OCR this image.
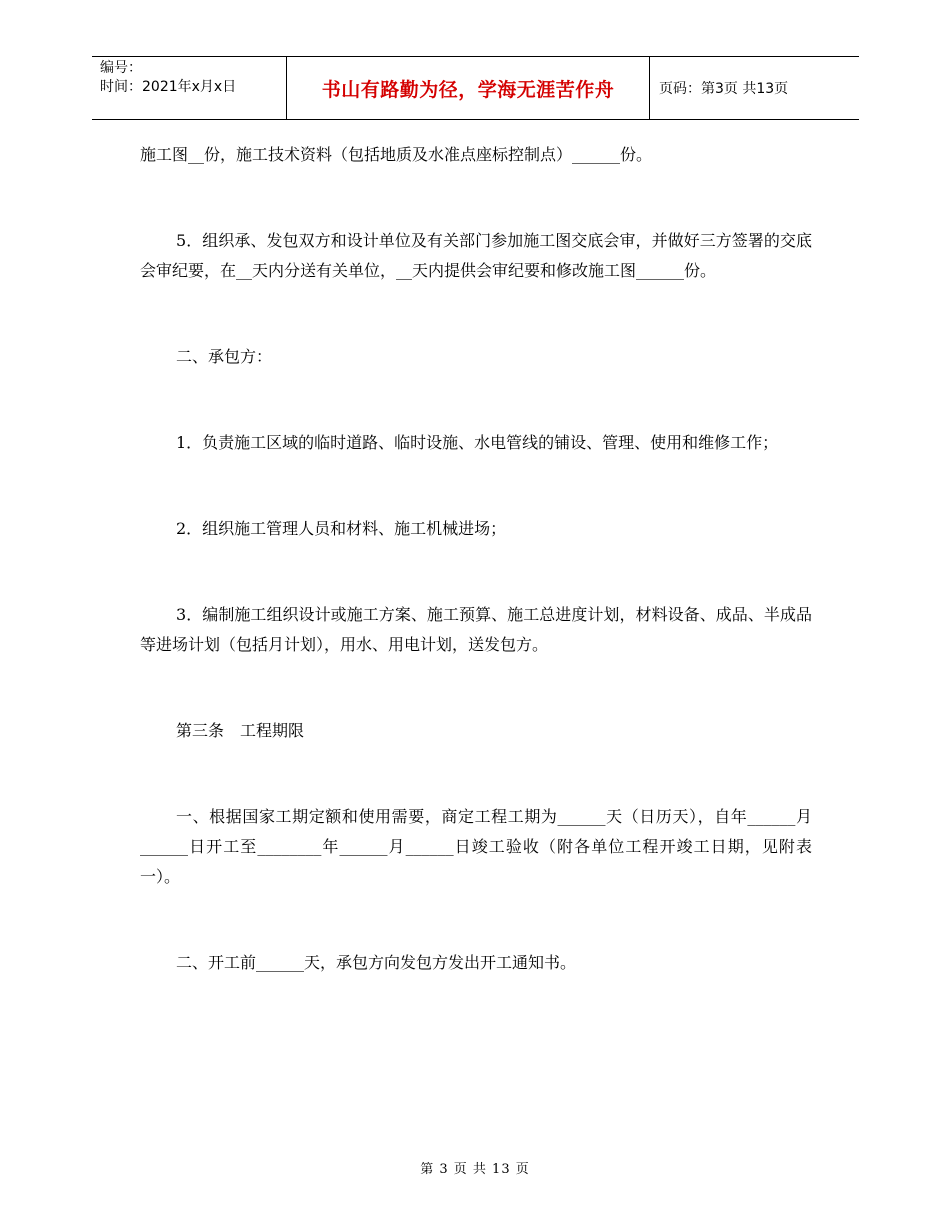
编号：
时间：2021年x月x日	书山有路勤为径，学海无涯苦作舟	页码：第3页 共13页

施工图__份，施工技术资料（包括地质及水准点座标控制点）______份。

5．组织承、发包双方和设计单位及有关部门参加施工图交底会审，并做好三方签署的交底会审纪要，在__天内分送有关单位，__天内提供会审纪要和修改施工图______份。

二、承包方：

1．负责施工区域的临时道路、临时设施、水电管线的铺设、管理、使用和维修工作；

2．组织施工管理人员和材料、施工机械进场；

3．编制施工组织设计或施工方案、施工预算、施工总进度计划，材料设备、成品、半成品等进场计划（包括月计划），用水、用电计划，送发包方。

第三条　工程期限

一、根据国家工期定额和使用需要，商定工程工期为______天（日历天），自年______月______日开工至________年______月______日竣工验收（附各单位工程开竣工日期，见附表一）。

二、开工前______天，承包方向发包方发出开工通知书。

第 3 页 共 13 页
